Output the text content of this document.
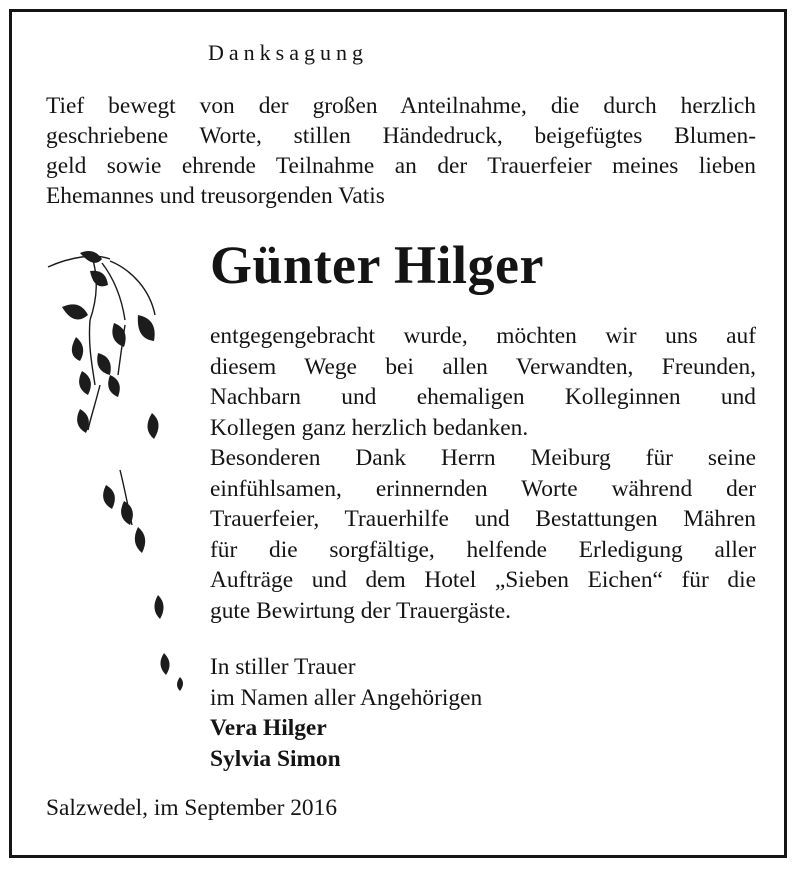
Danksagung

Tief bewegt von der großen Anteilnahme, die durch herzlich
geschriebene Worte, stillen Händedruck, beigefügtes Blumen-
geld sowie ehrende Teilnahme an der Trauerfeier meines lieben
Ehemannes und treusorgenden Vatis

Günter Hilger

entgegengebracht wurde, möchten wir uns auf
diesem Wege bei allen Verwandten, Freunden,
Nachbarn und ehemaligen Kolleginnen und
Kollegen ganz herzlich bedanken.
Besonderen Dank Herrn Meiburg für seine
einfühlsamen, erinnernden Worte während der
Trauerfeier, Trauerhilfe und Bestattungen Mähren
für die sorgfältige, helfende Erledigung aller
Aufträge und dem Hotel „Sieben Eichen“ für die
gute Bewirtung der Trauergäste.

In stiller Trauer
im Namen aller Angehörigen
Vera Hilger
Sylvia Simon

Salzwedel, im September 2016
